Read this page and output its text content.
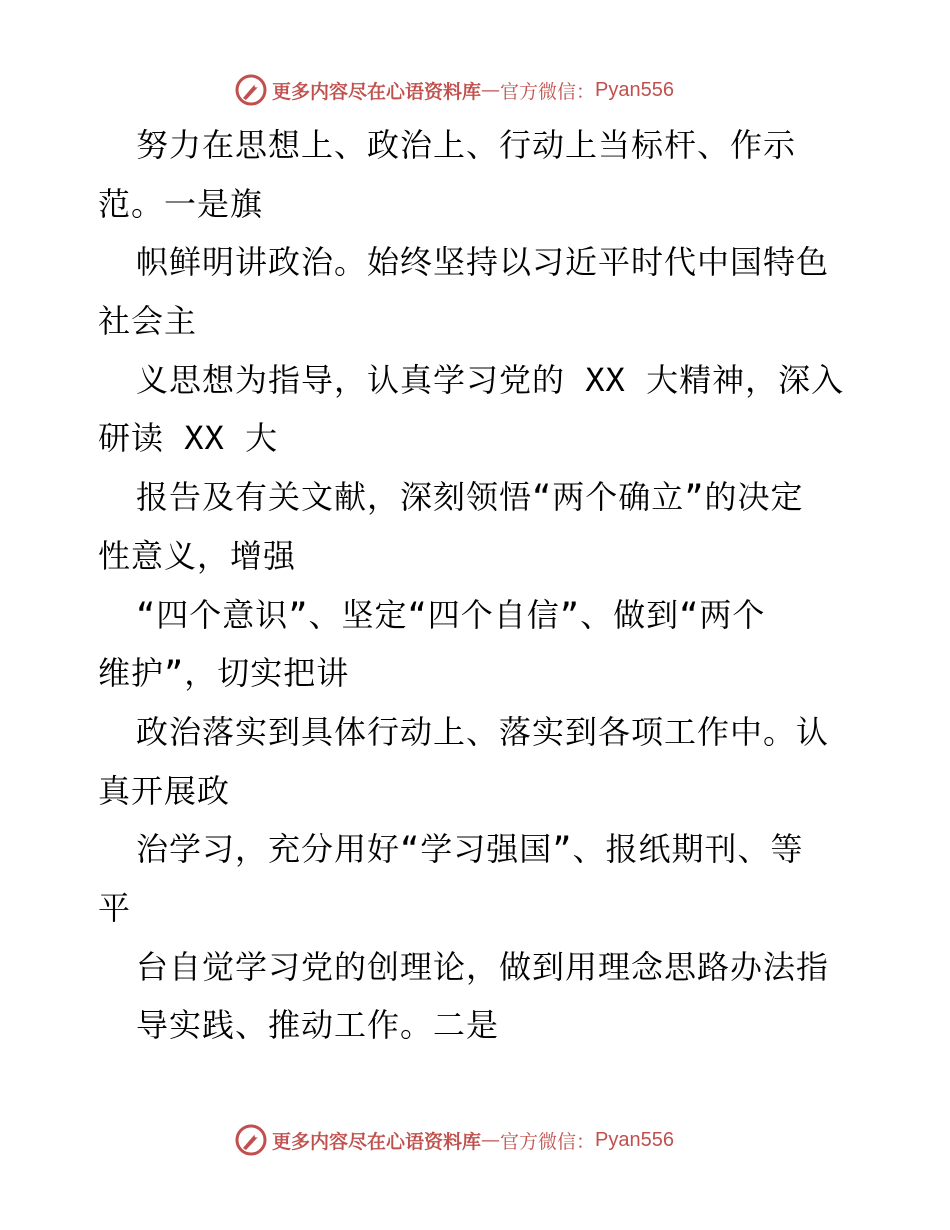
更多内容尽在心语资料库 — 官方微信： Pyan556
努力在思想上、政治上、行动上当标杆、作示
范。一是旗
帜鲜明讲政治。始终坚持以习近平时代中国特色
社会主
义思想为指导，认真学习党的 XX 大精神，深入
研读 XX 大
报告及有关文献，深刻领悟“两个确立”的决定
性意义，增强
“四个意识”、坚定“四个自信”、做到“两个
维护”，切实把讲
政治落实到具体行动上、落实到各项工作中。认
真开展政
治学习，充分用好“学习强国”、报纸期刊、等
平
台自觉学习党的创理论，做到用理念思路办法指
导实践、推动工作。二是
更多内容尽在心语资料库 — 官方微信： Pyan556
